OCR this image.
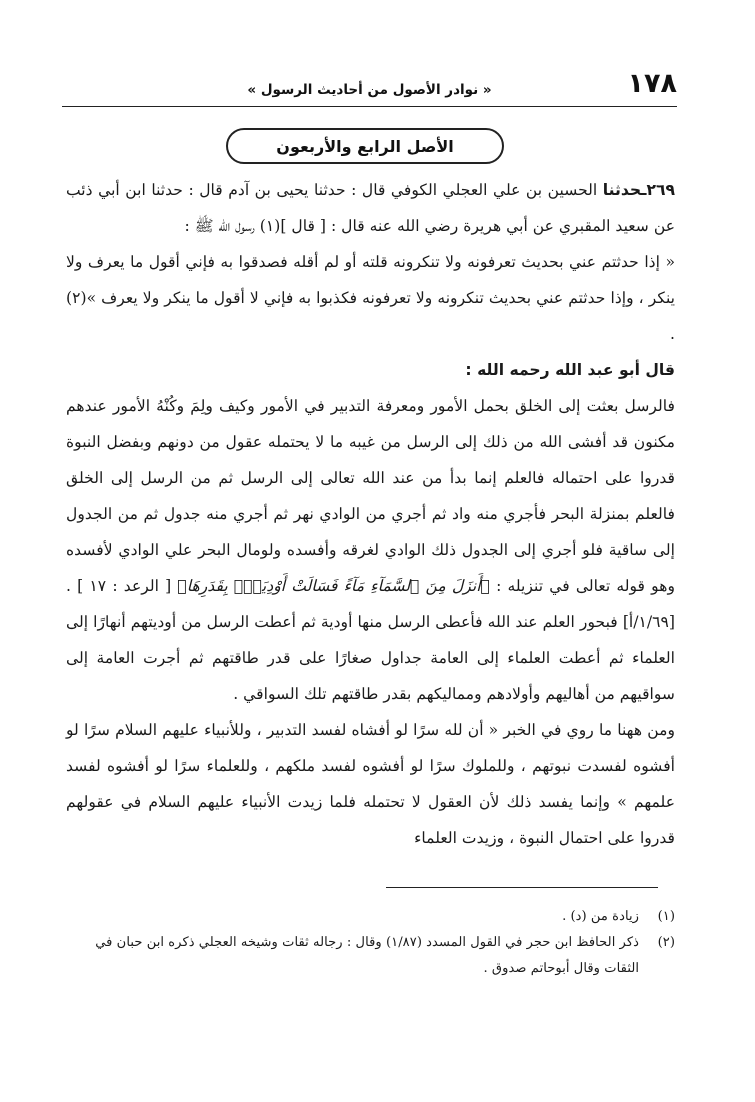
١٧٨
« نوادر الأصول من أحاديث الرسول »
الأصل الرابع والأربعون

٢٦٩ـحدثنا الحسين بن علي العجلي الكوفي قال : حدثنا يحيى بن آدم قال : حدثنا ابن أبي ذئب عن سعيد المقبري عن أبي هريرة رضي الله عنه قال : [ قال ](١) رسول الله ﷺ :

« إذا حدثتم عني بحديث تعرفونه ولا تنكرونه قلته أو لم أقله فصدقوا به فإني أقول ما يعرف ولا ينكر ، وإذا حدثتم عني بحديث تنكرونه ولا تعرفونه فكذبوا به فإني لا أقول ما ينكر ولا يعرف »(٢) .

قال أبو عبد الله رحمه الله :

فالرسل بعثت إلى الخلق بحمل الأمور ومعرفة التدبير في الأمور وكيف ولِمَ وكُنْهُ الأمور عندهم مكنون قد أفشى الله من ذلك إلى الرسل من غيبه ما لا يحتمله عقول من دونهم وبفضل النبوة قدروا على احتماله فالعلم إنما بدأ من عند الله تعالى إلى الرسل ثم من الرسل إلى الخلق فالعلم بمنزلة البحر فأجري منه واد ثم أجري من الوادي نهر ثم أجري منه جدول ثم من الجدول إلى ساقية فلو أجري إلى الجدول ذلك الوادي لغرقه وأفسده ولومال البحر علي الوادي لأفسده وهو قوله تعالى في تنزيله : ﴿أَنزَلَ مِنَ ٱلسَّمَآءِ مَآءً فَسَالَتْ أَوْدِيَةٌۢ بِقَدَرِهَا﴾ [ الرعد : ١٧ ] . [١/٦٩/أ] فبحور العلم عند الله فأعطى الرسل منها أودية ثم أعطت الرسل من أوديتهم أنهارًا إلى العلماء ثم أعطت العلماء إلى العامة جداول صغارًا على قدر طاقتهم ثم أجرت العامة إلى سواقيهم من أهاليهم وأولادهم ومماليكهم بقدر طاقتهم تلك السواقي .

ومن ههنا ما روي في الخبر « أن لله سرًا لو أفشاه لفسد التدبير ، وللأنبياء عليهم السلام سرًا لو أفشوه لفسدت نبوتهم ، وللملوك سرًا لو أفشوه لفسد ملكهم ، وللعلماء سرًا لو أفشوه لفسد علمهم » وإنما يفسد ذلك لأن العقول لا تحتمله فلما زيدت الأنبياء عليهم السلام في عقولهم قدروا على احتمال النبوة ، وزيدت العلماء

(١)
زيادة من (د) .
(٢)
ذكر الحافظ ابن حجر في القول المسدد (١/٨٧) وقال : رجاله ثقات وشيخه العجلي ذكره ابن حبان في الثقات وقال أبوحاتم صدوق .
